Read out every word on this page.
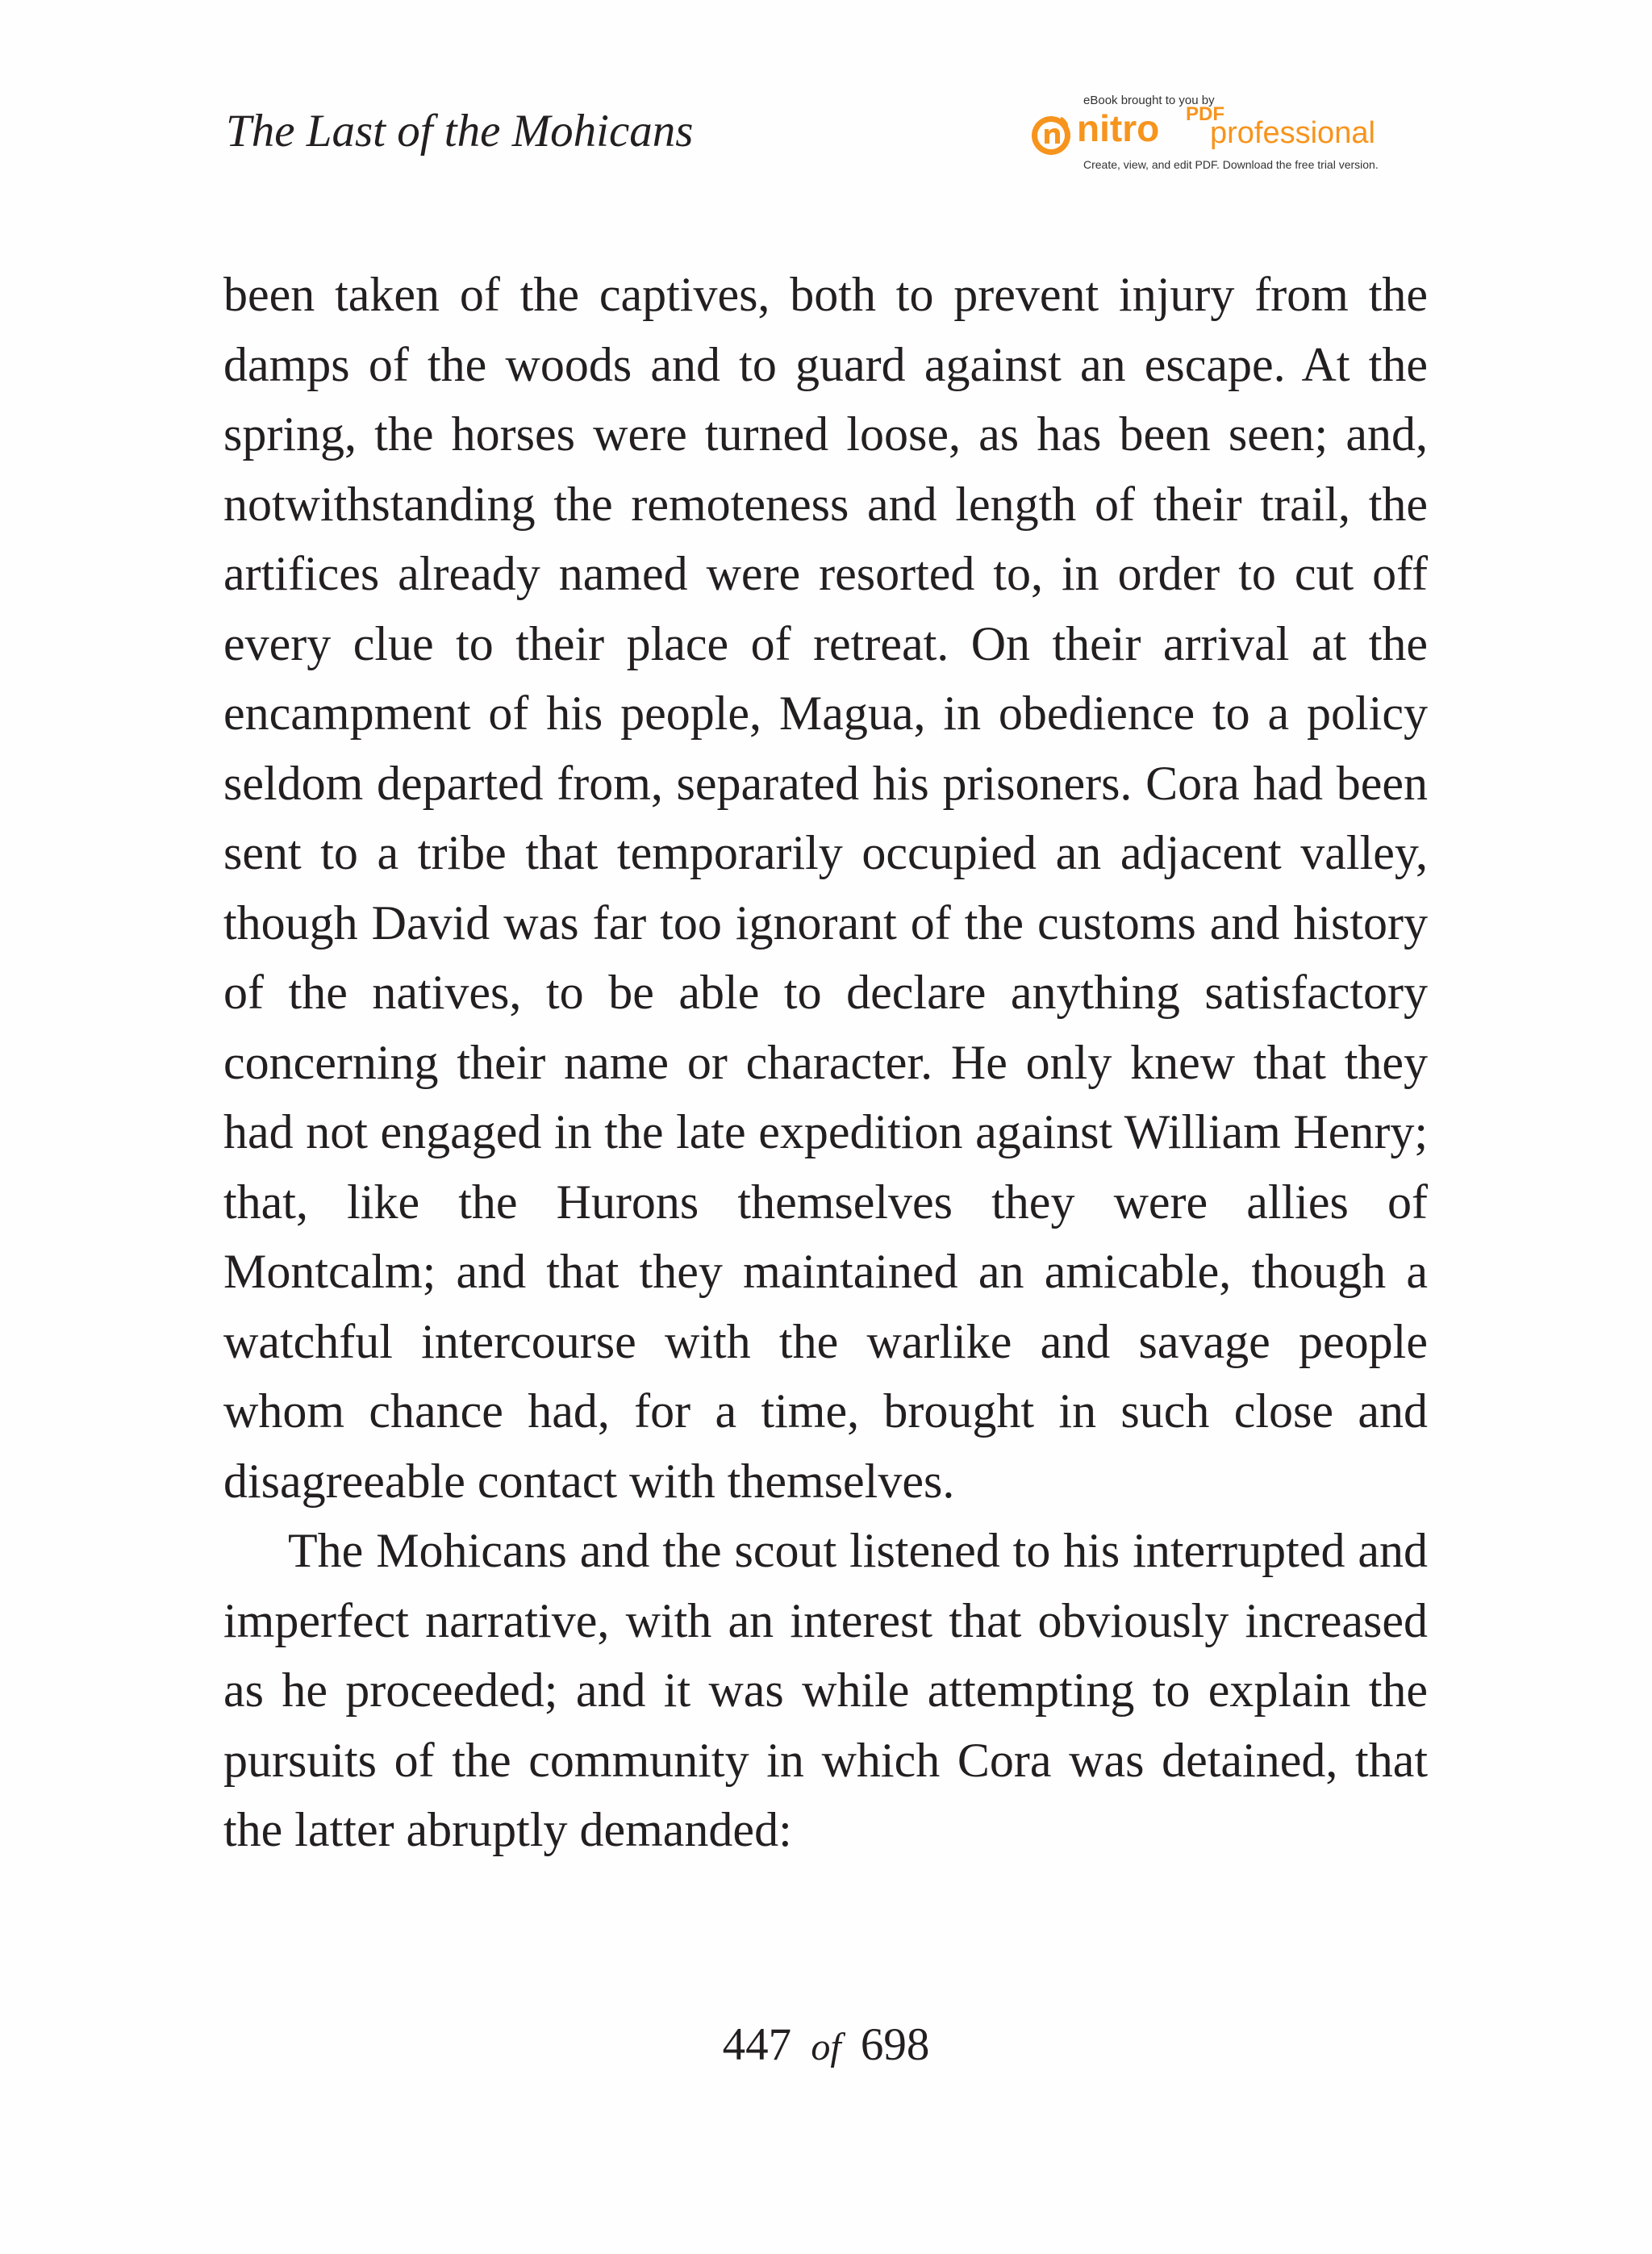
The Last of the Mohicans
eBook brought to you by
nitro PDF
professional
Create, view, and edit PDF. Download the free trial version.

been taken of the captives, both to prevent injury from the damps of the woods and to guard against an escape. At the spring, the horses were turned loose, as has been seen; and, notwithstanding the remoteness and length of their trail, the artifices already named were resorted to, in order to cut off every clue to their place of retreat. On their arrival at the encampment of his people, Magua, in obedience to a policy seldom departed from, separated his prisoners. Cora had been sent to a tribe that temporarily occupied an adjacent valley, though David was far too ignorant of the customs and history of the natives, to be able to declare anything satisfactory concerning their name or character. He only knew that they had not engaged in the late expedition against William Henry; that, like the Hurons themselves they were allies of Montcalm; and that they maintained an amicable, though a watchful intercourse with the warlike and savage people whom chance had, for a time, brought in such close and disagreeable contact with themselves.

The Mohicans and the scout listened to his interrupted and imperfect narrative, with an interest that obviously increased as he proceeded; and it was while attempting to explain the pursuits of the community in which Cora was detained, that the latter abruptly demanded:

447 of 698
